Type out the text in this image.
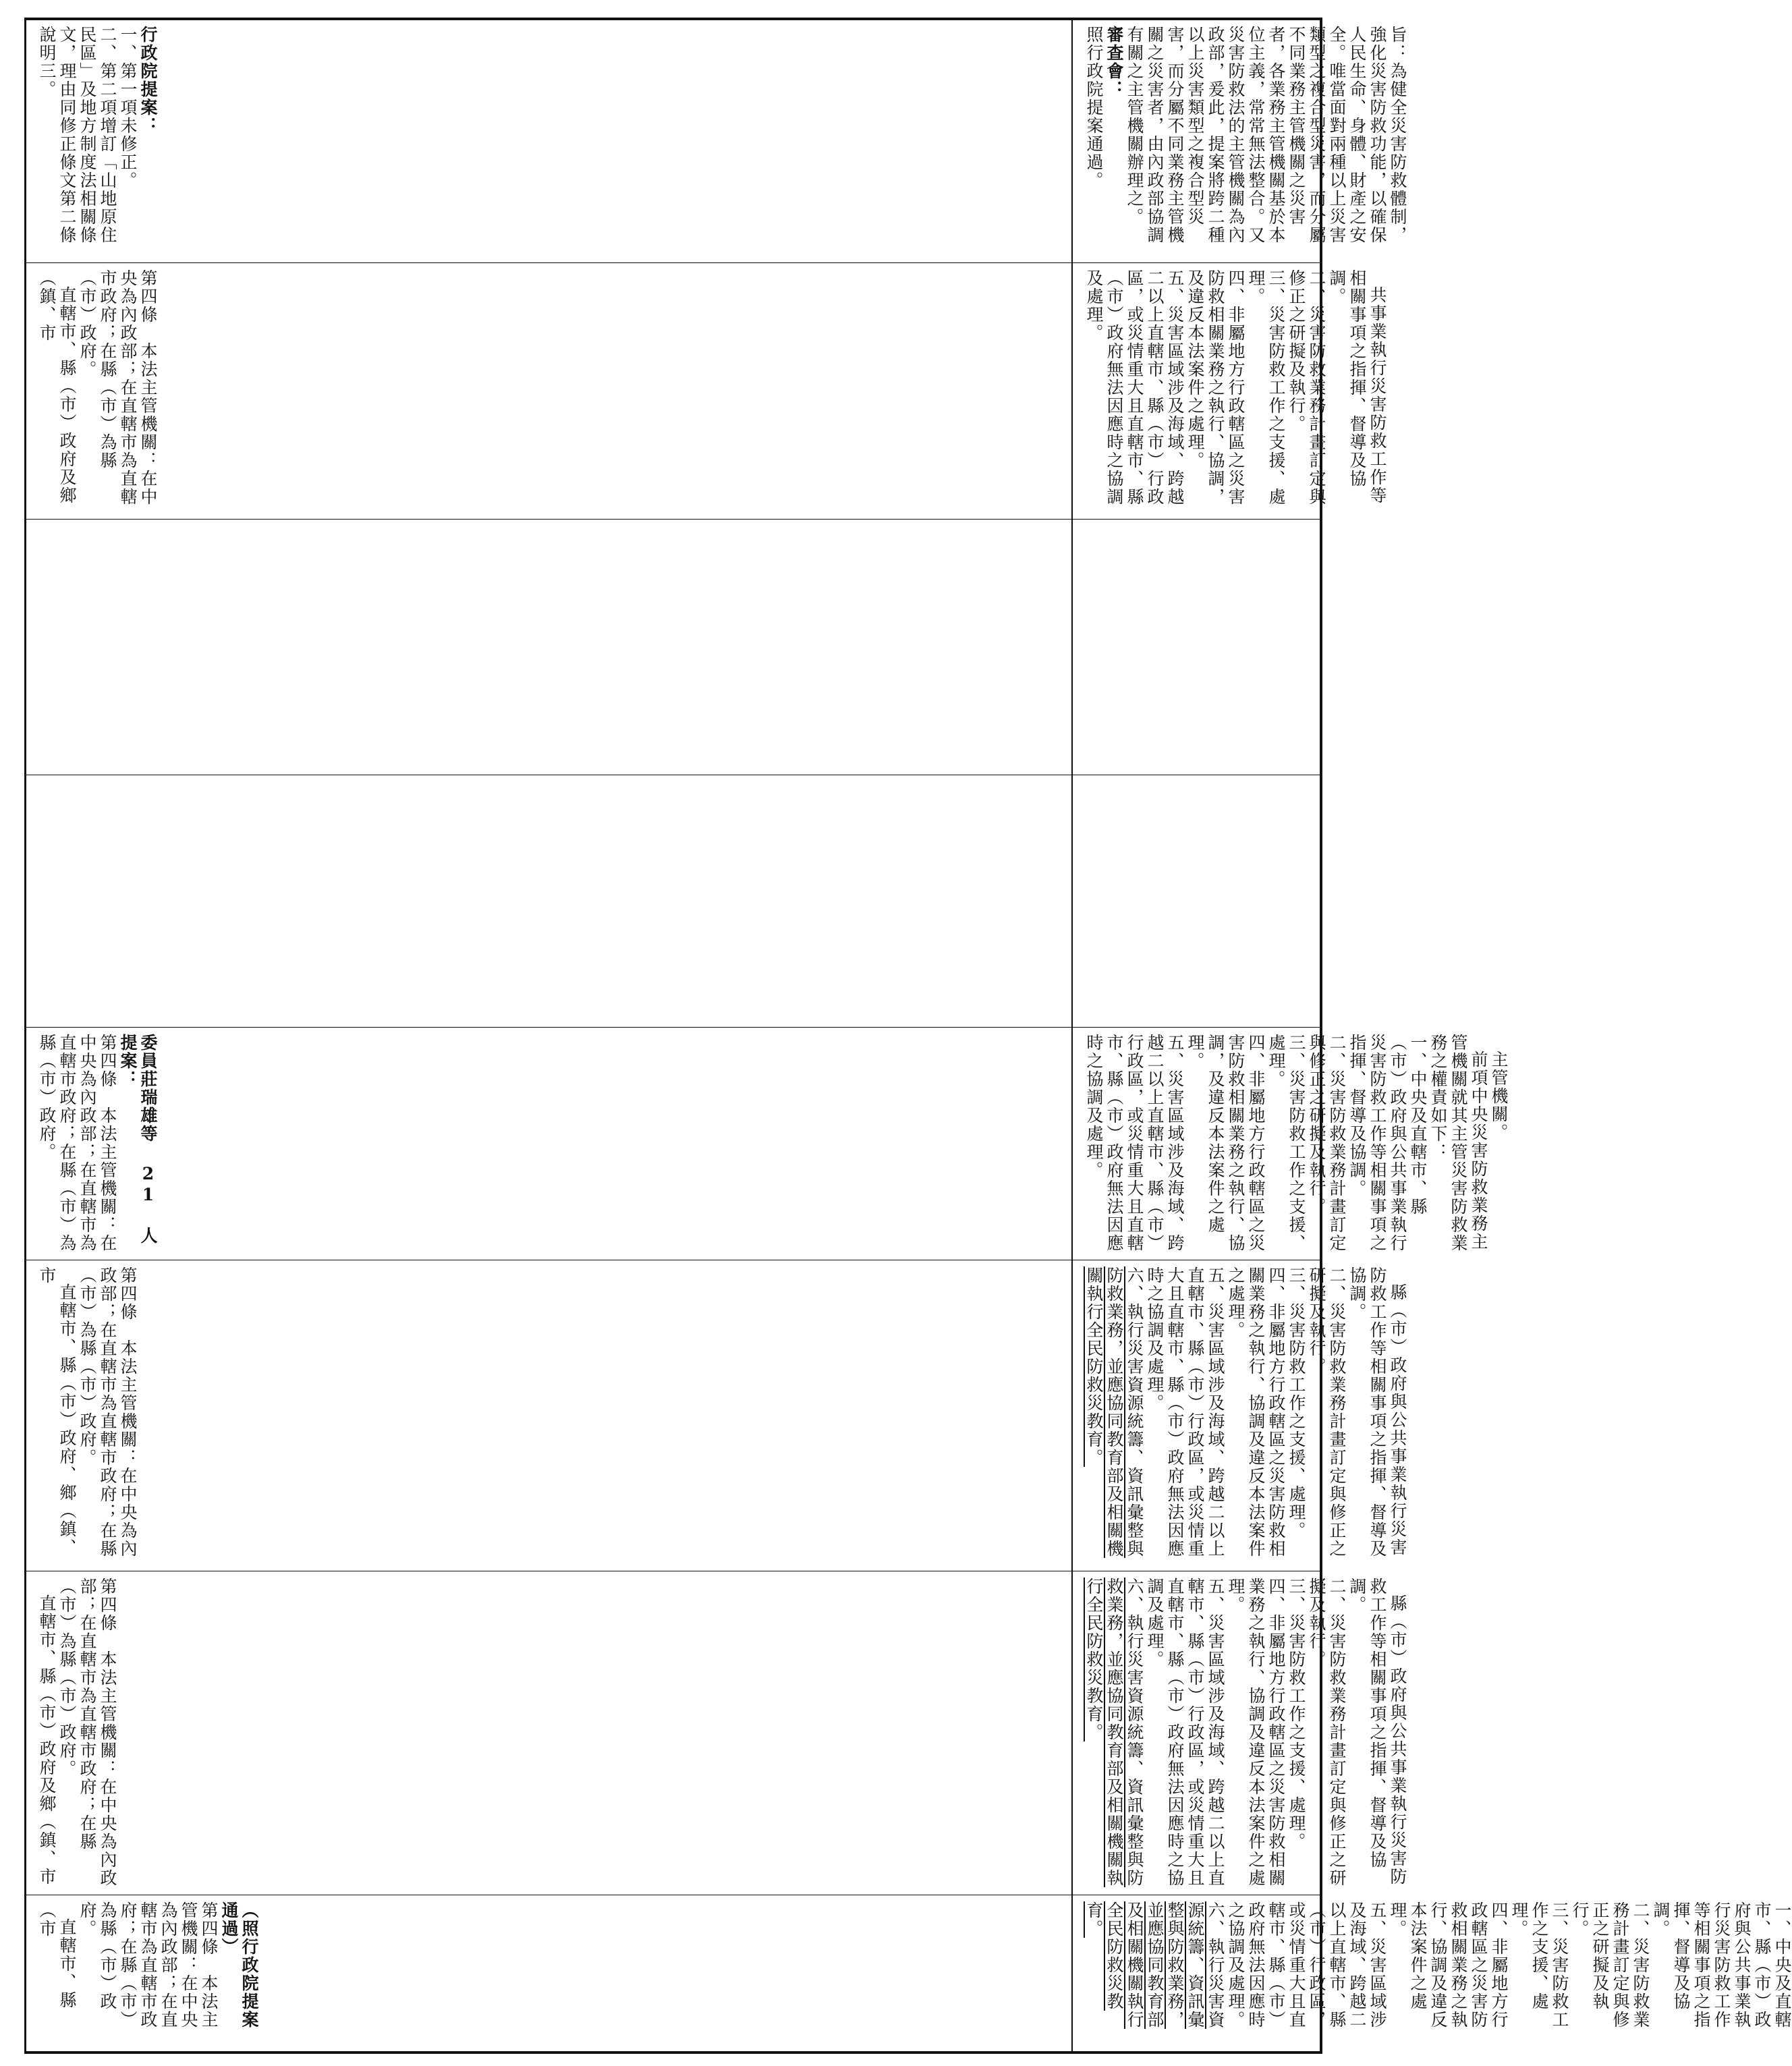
一、中央及直轄市、縣（市）政府與公共事業執行災害防救工作等相關事項之指揮、督導及協調。

二、災害防救業務計畫訂定與修正之研擬及執行。

三、災害防救工作之支援、處理。

四、非屬地方行政轄區之災害防救相關業務之執行、協調及違反本法案件之處理。

五、災害區域涉及海域、跨越二以上直轄市、縣（市）行政區，或災情重大且直轄市、縣（市）政府無法因應時之協調及處理。

六、執行災害資源統籌、資訊彙整與防救業務，並應協同教育部及相關機關執行全民防救災教育。

縣（市）政府與公共事業執行災害防救工作等相關事項之指揮、督導及協調。

二、災害防救業務計畫訂定與修正之研擬及執行。

三、災害防救工作之支援、處理。

四、非屬地方行政轄區之災害防救相關業務之執行、協調及違反本法案件之處理。

五、災害區域涉及海域、跨越二以上直轄市、縣（市）行政區，或災情重大且直轄市、縣（市）政府無法因應時之協調及處理。

六、執行災害資源統籌、資訊彙整與防救業務，並應協同教育部及相關機關執行全民防救災教育。

縣（市）政府與公共事業執行災害防救工作等相關事項之指揮、督導及協調。

二、災害防救業務計畫訂定與修正之研擬及執行。

三、災害防救工作之支援、處理。

四、非屬地方行政轄區之災害防救相關業務之執行、協調及違反本法案件之處理。

五、災害區域涉及海域、跨越二以上直轄市、縣（市）行政區，或災情重大且直轄市、縣（市）政府無法因應時之協調及處理。

六、執行災害資源統籌、資訊彙整與防救業務，並應協同教育部及相關機關執行全民防救災教育。

主管機關。

前項中央災害防救業務主管機關就其主管災害防救業務之權責如下：

一、中央及直轄市、縣（市）政府與公共事業執行災害防救工作等相關事項之指揮、督導及協調。

二、災害防救業務計畫訂定與修正之研擬及執行。

三、災害防救工作之支援、處理。

四、非屬地方行政轄區之災害防救相關業務之執行、協調，及違反本法案件之處理。

五、災害區域涉及海域、跨越二以上直轄市、縣（市）行政區，或災情重大且直轄市、縣（市）政府無法因應時之協調及處理。

共事業執行災害防救工作等相關事項之指揮、督導及協調。

二、災害防救業務計畫訂定與修正之研擬及執行。

三、災害防救工作之支援、處理。

四、非屬地方行政轄區之災害防救相關業務之執行、協調，及違反本法案件之處理。

五、災害區域涉及海域、跨越二以上直轄市、縣（市）行政區，或災情重大且直轄市、縣（市）政府無法因應時之協調及處理。

旨：為健全災害防救體制，強化災害防救功能，以確保人民生命、身體、財產之安全。唯當面對兩種以上災害類型之複合型災害，而分屬不同業務主管機關之災害者，各業務主管機關基於本位主義，常常無法整合。又災害防救法的主管機關為內政部，爰此，提案將跨二種以上災害類型之複合型災害，而分屬不同業務主管機關之災害者，由內政部協調有關之主管機關辦理之。

審查會：

照行政院提案通過。

（照行政院提案通過）

第四條　本法主管機關：在中央為內政部；在直轄市為直轄市政府；在縣（市）為縣（市）政府。

直轄市、縣（市

第四條　本法主管機關：在中央為內政部；在直轄市為直轄市政府；在縣（市）為縣（市）政府。

直轄市、縣（市）政府及鄉（鎮、市

第四條　本法主管機關：在中央為內政部；在直轄市為直轄市政府；在縣（市）為縣（市）政府。

直轄市、縣（市）政府、鄉（鎮、市

委員莊瑞雄等 21 人提案：

第四條　本法主管機關：在中央為內政部；在直轄市為直轄市政府；在縣（市）為縣（市）政府。

第四條　本法主管機關：在中央為內政部；在直轄市為直轄市政府；在縣（市）為縣（市）政府。

直轄市、縣（市）政府及鄉（鎮、市

行政院提案：

一、第一項未修正。

二、第二項增訂「山地原住民區」及地方制度法相關條文，理由同修正條文第二條說明三。
